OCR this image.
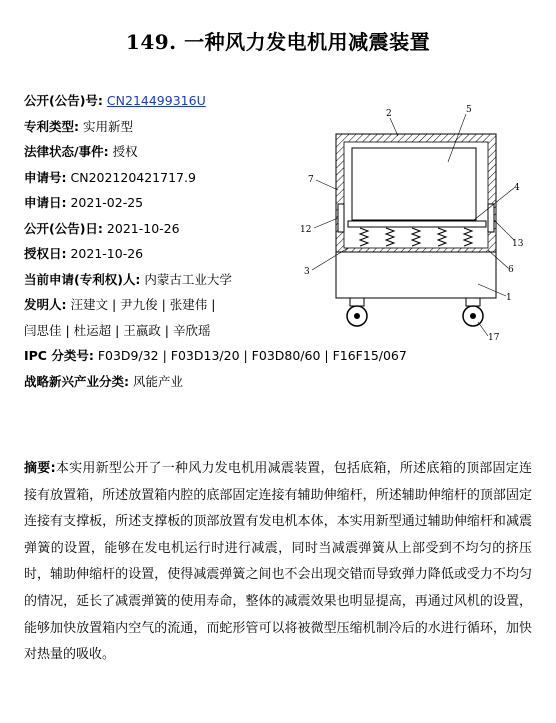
149. 一种风力发电机用减震装置
公开(公告)号: CN214499316U
专利类型: 实用新型
法律状态/事件: 授权
申请号: CN202120421717.9
申请日: 2021-02-25
公开(公告)日: 2021-10-26
授权日: 2021-10-26
当前申请(专利权)人: 内蒙古工业大学
发明人: 汪建文 | 尹九俊 | 张建伟 |
闫思佳 | 杜运超 | 王嬴政 | 辛欣瑶
IPC 分类号: F03D9/32 | F03D13/20 | F03D80/60 | F16F15/067
战略新兴产业分类: 风能产业
2	5
7
4
12
13
3	6
1
17
摘要:本实用新型公开了一种风力发电机用减震装置，包括底箱，所述底箱的顶部固定连接有放置箱，所述放置箱内腔的底部固定连接有辅助伸缩杆，所述辅助伸缩杆的顶部固定连接有支撑板，所述支撑板的顶部放置有发电机本体，本实用新型通过辅助伸缩杆和减震弹簧的设置，能够在发电机运行时进行减震，同时当减震弹簧从上部受到不均匀的挤压时，辅助伸缩杆的设置，使得减震弹簧之间也不会出现交错而导致弹力降低或受力不均匀的情况，延长了减震弹簧的使用寿命，整体的减震效果也明显提高，再通过风机的设置，能够加快放置箱内空气的流通，而蛇形管可以将被微型压缩机制冷后的水进行循环，加快对热量的吸收。
